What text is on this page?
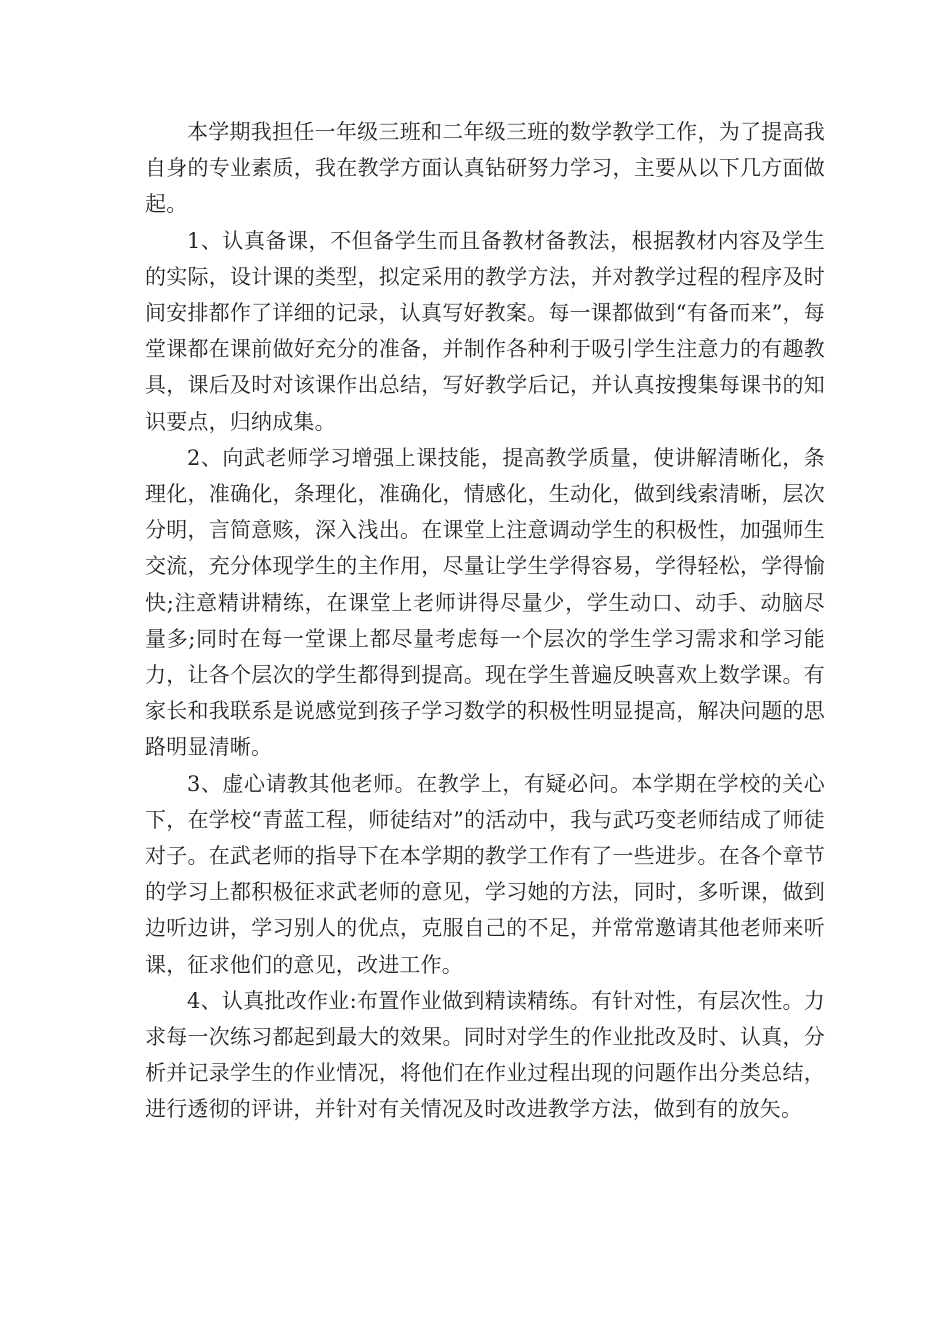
本学期我担任一年级三班和二年级三班的数学教学工作，为了提高我自身的专业素质，我在教学方面认真钻研努力学习，主要从以下几方面做起。

1、认真备课，不但备学生而且备教材备教法，根据教材内容及学生的实际，设计课的类型，拟定采用的教学方法，并对教学过程的程序及时间安排都作了详细的记录，认真写好教案。每一课都做到“有备而来”，每堂课都在课前做好充分的准备，并制作各种利于吸引学生注意力的有趣教具，课后及时对该课作出总结，写好教学后记，并认真按搜集每课书的知识要点，归纳成集。

2、向武老师学习增强上课技能，提高教学质量，使讲解清晰化，条理化，准确化，条理化，准确化，情感化，生动化，做到线索清晰，层次分明，言简意赅，深入浅出。在课堂上注意调动学生的积极性，加强师生交流，充分体现学生的主作用，尽量让学生学得容易，学得轻松，学得愉快;注意精讲精练，在课堂上老师讲得尽量少，学生动口、动手、动脑尽量多;同时在每一堂课上都尽量考虑每一个层次的学生学习需求和学习能力，让各个层次的学生都得到提高。现在学生普遍反映喜欢上数学课。有家长和我联系是说感觉到孩子学习数学的积极性明显提高，解决问题的思路明显清晰。

3、虚心请教其他老师。在教学上，有疑必问。本学期在学校的关心下，在学校“青蓝工程，师徒结对”的活动中，我与武巧变老师结成了师徒对子。在武老师的指导下在本学期的教学工作有了一些进步。在各个章节的学习上都积极征求武老师的意见，学习她的方法，同时，多听课，做到边听边讲，学习别人的优点，克服自己的不足，并常常邀请其他老师来听课，征求他们的意见，改进工作。

4、认真批改作业:布置作业做到精读精练。有针对性，有层次性。力求每一次练习都起到最大的效果。同时对学生的作业批改及时、认真，分析并记录学生的作业情况，将他们在作业过程出现的问题作出分类总结，进行透彻的评讲，并针对有关情况及时改进教学方法，做到有的放矢。
